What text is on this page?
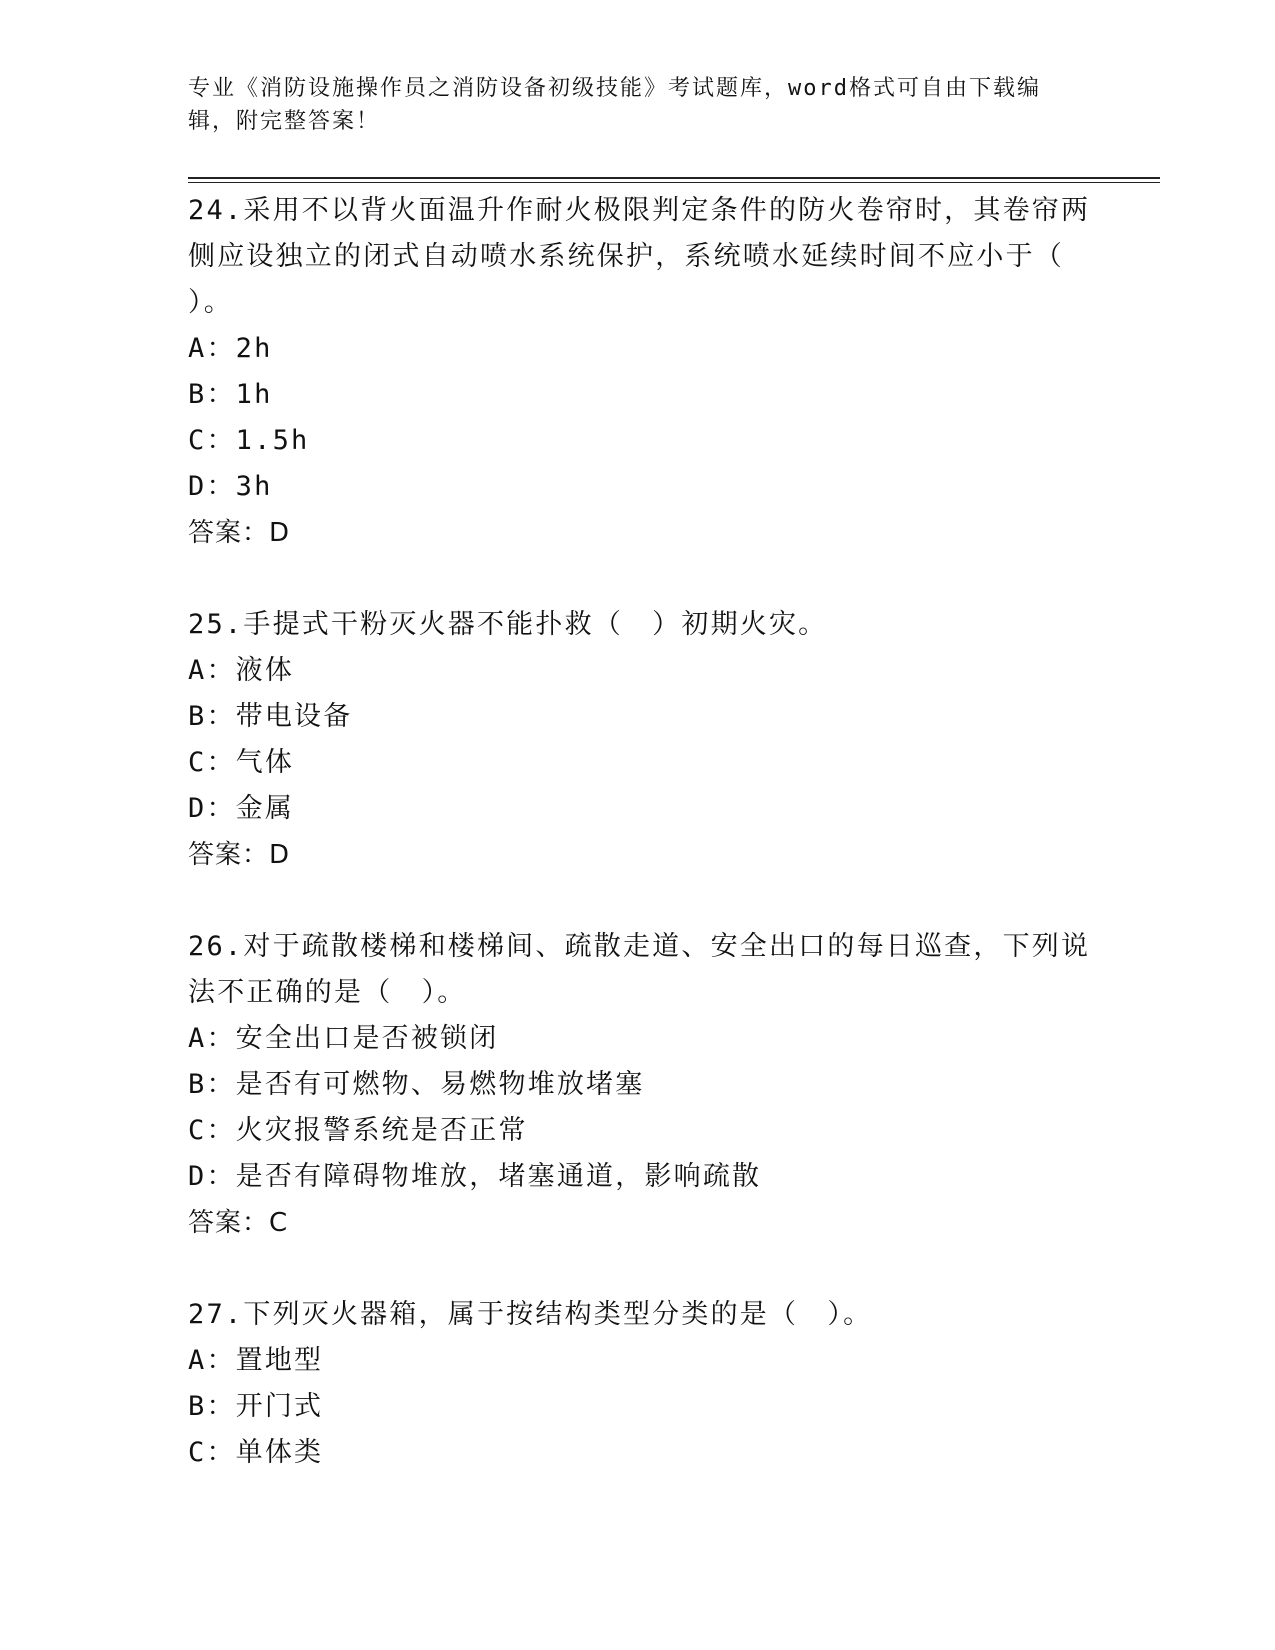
专业《消防设施操作员之消防设备初级技能》考试题库，word格式可自由下载编
辑，附完整答案！
24.采用不以背火面温升作耐火极限判定条件的防火卷帘时，其卷帘两
侧应设独立的闭式自动喷水系统保护，系统喷水延续时间不应小于（
）。
A：2h
B：1h
C：1.5h
D：3h
答案：D
25.手提式干粉灭火器不能扑救（　）初期火灾。
A：液体
B：带电设备
C：气体
D：金属
答案：D
26.对于疏散楼梯和楼梯间、疏散走道、安全出口的每日巡查，下列说
法不正确的是（　）。
A：安全出口是否被锁闭
B：是否有可燃物、易燃物堆放堵塞
C：火灾报警系统是否正常
D：是否有障碍物堆放，堵塞通道，影响疏散
答案：C
27.下列灭火器箱，属于按结构类型分类的是（　）。
A：置地型
B：开门式
C：单体类
